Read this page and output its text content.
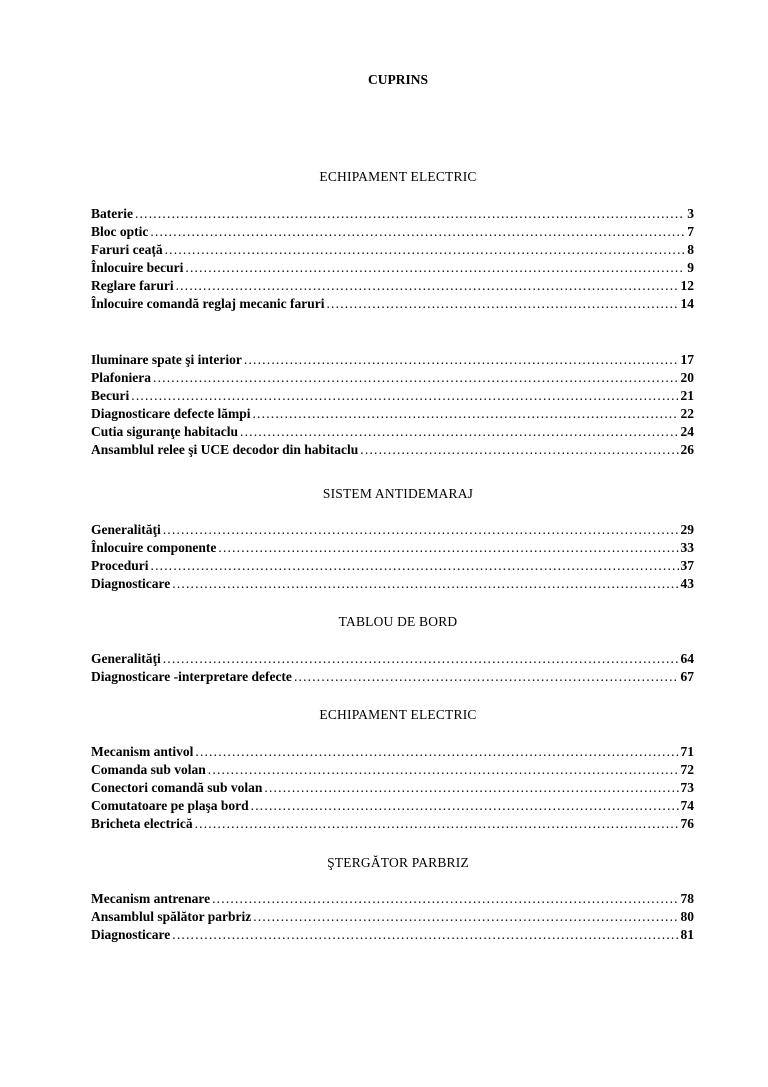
CUPRINS
ECHIPAMENT ELECTRIC
Baterie .....	3
Bloc optic .....	7
Faruri ceață .....	8
Înlocuire becuri .....	9
Reglare faruri .....	12
Înlocuire comandă reglaj mecanic faruri .....	14
Iluminare spate şi interior .....	17
Plafoniera .....	20
Becuri .....	21
Diagnosticare defecte lămpi .....	22
Cutia siguranţe habitaclu .....	24
Ansamblul relee şi UCE decodor din habitaclu .....	26
SISTEM ANTIDEMARAJ
Generalităţi .....	29
Înlocuire componente .....	33
Proceduri .....	37
Diagnosticare .....	43
TABLOU DE BORD
Generalităţi .....	64
Diagnosticare -interpretare defecte .....	67
ECHIPAMENT ELECTRIC
Mecanism antivol .....	71
Comanda sub volan .....	72
Conectori comandă sub volan .....	73
Comutatoare pe plaşa bord .....	74
Bricheta electrică .....	76
ŞTERGĂTOR PARBRIZ
Mecanism antrenare .....	78
Ansamblul spălător parbriz .....	80
Diagnosticare .....	81
